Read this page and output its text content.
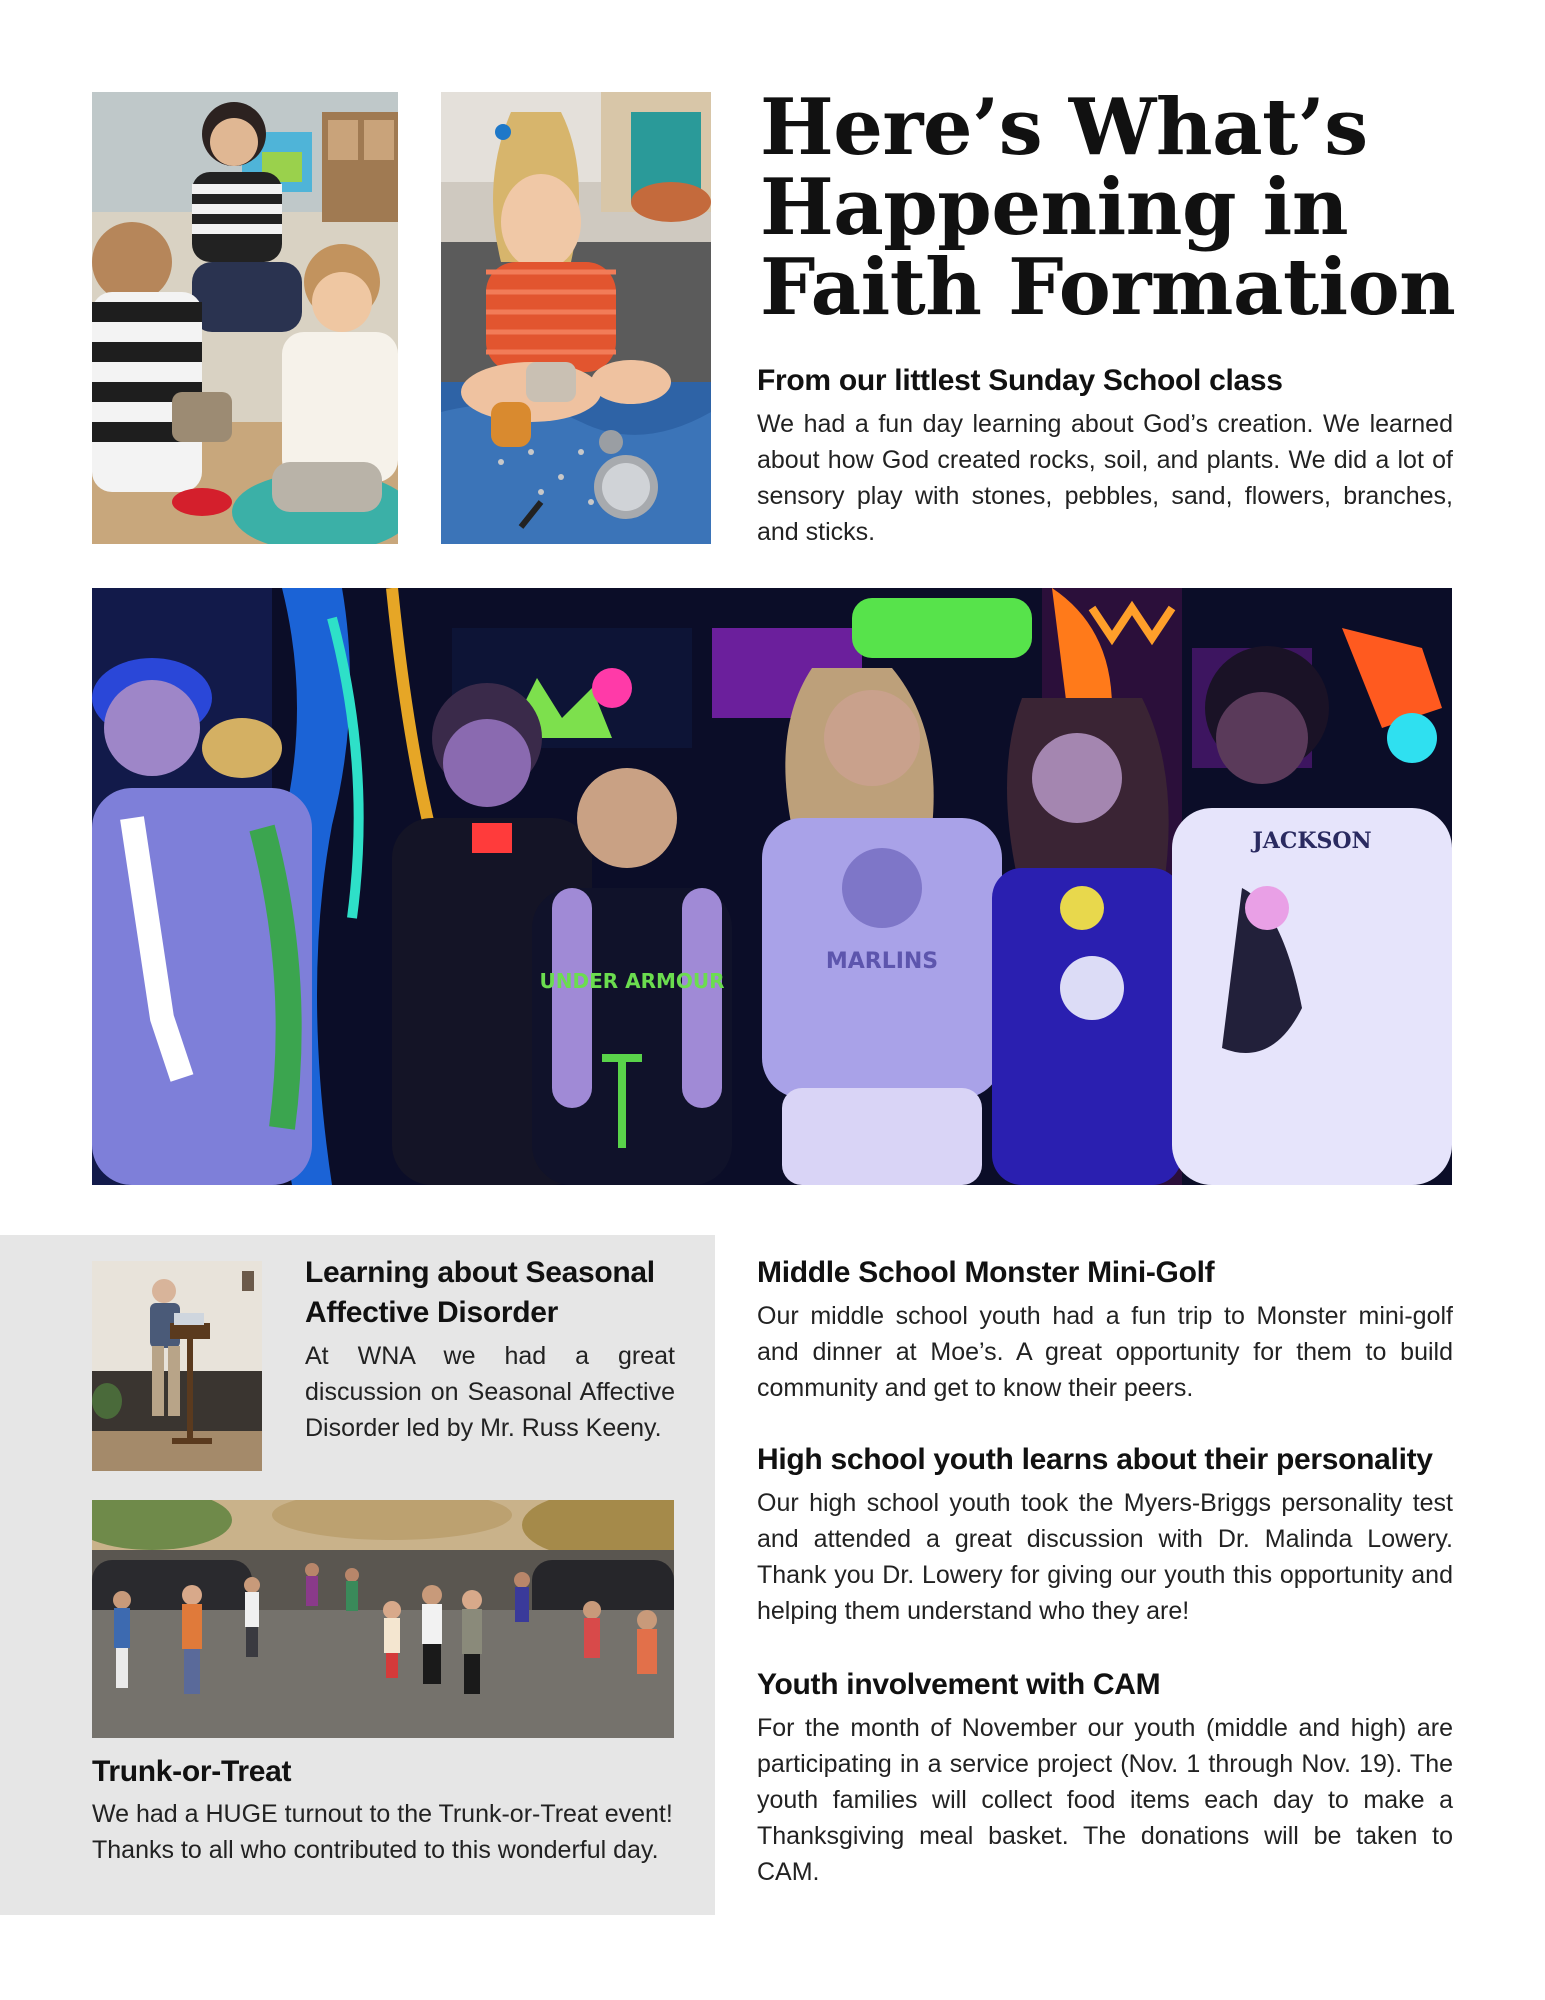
Here’s What’s Happening in Faith Formation
From our littlest Sunday School class

We had a fun day learning about God’s creation. We learned about how God created rocks, soil, and plants. We did a lot of sensory play with stones, pebbles, sand, flowers, branches, and sticks.

UNDER ARMOUR
MARLINS
JACKSON
Learning about Seasonal Affective Disorder

At WNA we had a great discussion on Seasonal Affective Disorder led by Mr. Russ Keeny.

Trunk-or-Treat

We had a HUGE turnout to the Trunk-or-Treat event! Thanks to all who contributed to this wonderful day.

Middle School Monster Mini-Golf

Our middle school youth had a fun trip to Monster mini-golf and dinner at Moe’s. A great opportunity for them to build community and get to know their peers.

High school youth learns about their personality

Our high school youth took the Myers-Briggs personality test and attended a great discussion with Dr. Malinda Lowery. Thank you Dr. Lowery for giving our youth this opportunity and helping them understand who they are!

Youth involvement with CAM

For the month of November our youth (middle and high) are participating in a service project (Nov. 1 through Nov. 19). The youth families will collect food items each day to make a Thanksgiving meal basket. The donations will be taken to CAM.
